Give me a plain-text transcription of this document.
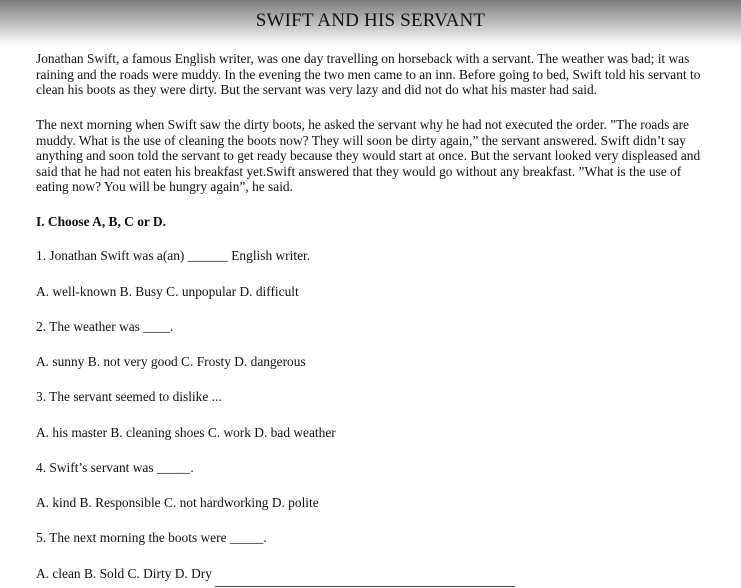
SWIFT AND HIS SERVANT

Jonathan Swift, a famous English writer, was one day travelling on horseback with a servant. The weather was bad; it was raining and the roads were muddy. In the evening the two men came to an inn. Before going to bed, Swift told his servant to clean his boots as they were dirty. But the servant was very lazy and did not do what his master had said.

The next morning when Swift saw the dirty boots, he asked the servant why he had not executed the order. ”The roads are muddy. What is the use of cleaning the boots now? They will soon be dirty again,” the servant answered. Swift didn’t say anything and soon told the servant to get ready because they would start at once. But the servant looked very displeased and said that he had not eaten his breakfast yet.Swift answered that they would go without any breakfast. ”What is the use of eating now? You will be hungry again”, he said.

I. Choose A, B, C or D.

1. Jonathan Swift was a(an) ______ English writer.

A. well-known B. Busy C. unpopular D. difficult

2. The weather was ____.

A. sunny B. not very good C. Frosty D. dangerous

3. The servant seemed to dislike ...

A. his master B. cleaning shoes C. work D. bad weather

4. Swift’s servant was _____.

A. kind B. Responsible C. not hardworking D. polite

5. The next morning the boots were _____.

A. clean B. Sold C. Dirty D. Dry
